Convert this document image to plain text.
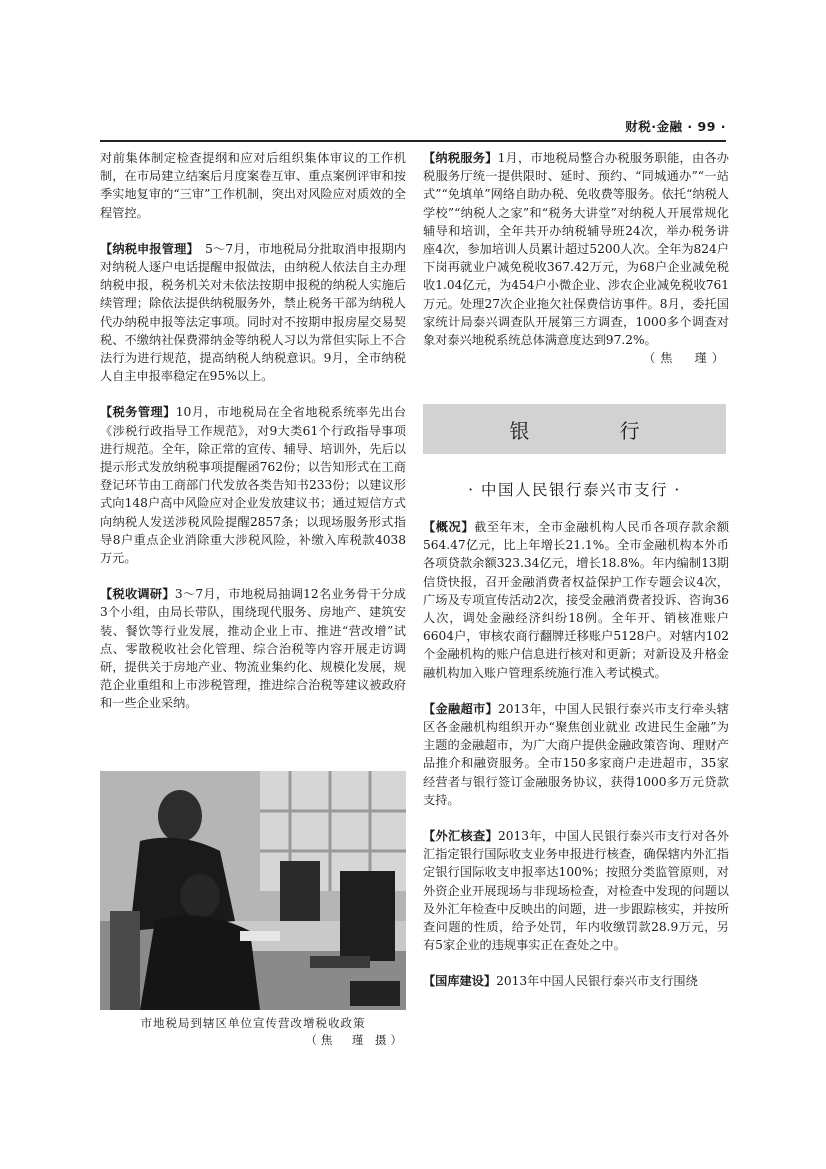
财税·金融 · 99 ·

对前集体制定检查提纲和应对后组织集体审议的工作机制，在市局建立结案后月度案卷互审、重点案例评审和按季实地复审的“三审”工作机制，突出对风险应对质效的全程管控。

【纳税申报管理】　5～7月，市地税局分批取消申报期内对纳税人逐户电话提醒申报做法，由纳税人依法自主办理纳税申报，税务机关对未依法按期申报税的纳税人实施后续管理；除依法提供纳税服务外，禁止税务干部为纳税人代办纳税申报等法定事项。同时对不按期申报房屋交易契税、不缴纳社保费滞纳金等纳税人习以为常但实际上不合法行为进行规范，提高纳税人纳税意识。9月，全市纳税人自主申报率稳定在95%以上。

【税务管理】10月，市地税局在全省地税系统率先出台《涉税行政指导工作规范》，对9大类61个行政指导事项进行规范。全年，除正常的宣传、辅导、培训外，先后以提示形式发放纳税事项提醒函762份；以告知形式在工商登记环节由工商部门代发放各类告知书233份；以建议形式向148户高中风险应对企业发放建议书；通过短信方式向纳税人发送涉税风险提醒2857条；以现场服务形式指导8户重点企业消除重大涉税风险，补缴入库税款4038万元。

【税收调研】3～7月，市地税局抽调12名业务骨干分成3个小组，由局长带队，围绕现代服务、房地产、建筑安装、餐饮等行业发展，推动企业上市、推进“营改增”试点、零散税收社会化管理、综合治税等内容开展走访调研，提供关于房地产业、物流业集约化、规模化发展，规范企业重组和上市涉税管理，推进综合治税等建议被政府和一些企业采纳。

市地税局到辖区单位宣传营改增税收政策
（焦　瑾 摄）

【纳税服务】1月，市地税局整合办税服务职能，由各办税服务厅统一提供限时、延时、预约、“同城通办”“一站式”“免填单”网络自助办税、免收费等服务。依托“纳税人学校”“纳税人之家”和“税务大讲堂”对纳税人开展常规化辅导和培训，全年共开办纳税辅导班24次，举办税务讲座4次，参加培训人员累计超过5200人次。全年为824户下岗再就业户减免税收367.42万元，为68户企业减免税收1.04亿元，为454户小微企业、涉农企业减免税收761万元。处理27次企业拖欠社保费信访事件。8月，委托国家统计局泰兴调查队开展第三方调查，1000多个调查对象对泰兴地税系统总体满意度达到97.2%。

（焦　瑾）
银 行
· 中国人民银行泰兴市支行 ·

【概况】截至年末，全市金融机构人民币各项存款余额564.47亿元，比上年增长21.1%。全市金融机构本外币各项贷款余额323.34亿元，增长18.8%。年内编制13期信贷快报，召开金融消费者权益保护工作专题会议4次，广场及专项宣传活动2次，接受金融消费者投诉、咨询36人次，调处金融经济纠纷18例。全年开、销核准账户6604户，审核农商行翻牌迁移账户5128户。对辖内102个金融机构的账户信息进行核对和更新；对新设及升格金融机构加入账户管理系统施行准入考试模式。

【金融超市】2013年，中国人民银行泰兴市支行牵头辖区各金融机构组织开办“聚焦创业就业 改进民生金融”为主题的金融超市，为广大商户提供金融政策咨询、理财产品推介和融资服务。全市150多家商户走进超市，35家经营者与银行签订金融服务协议，获得1000多万元贷款支持。

【外汇核查】2013年，中国人民银行泰兴市支行对各外汇指定银行国际收支业务申报进行核查，确保辖内外汇指定银行国际收支申报率达100%；按照分类监管原则，对外资企业开展现场与非现场检查，对检查中发现的问题以及外汇年检查中反映出的问题，进一步跟踪核实，并按所查问题的性质，给予处罚，年内收缴罚款28.9万元，另有5家企业的违规事实正在查处之中。

【国库建设】2013年中国人民银行泰兴市支行围绕
